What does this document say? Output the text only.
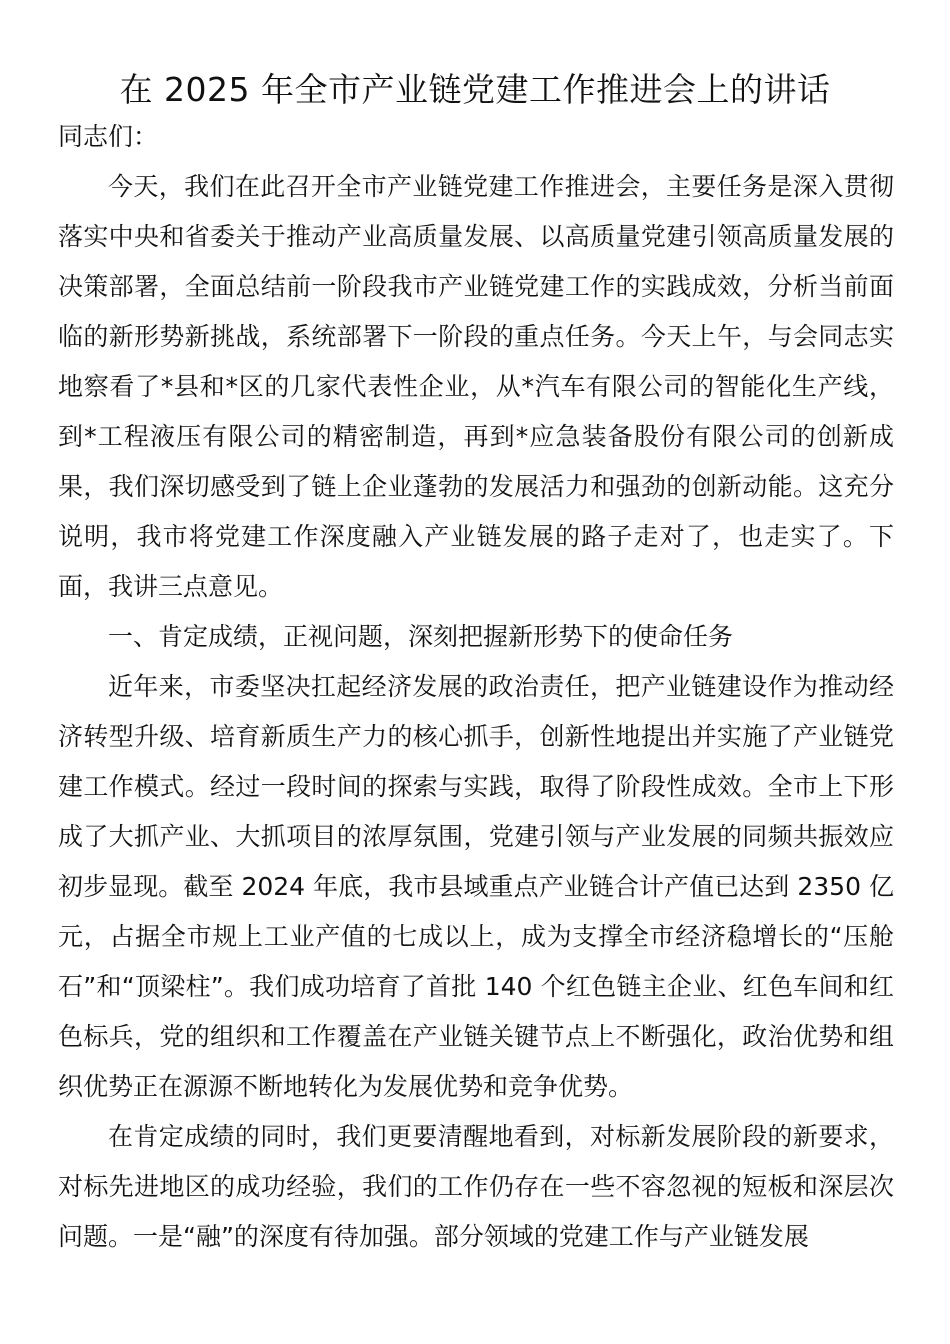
在 2025 年全市产业链党建工作推进会上的讲话

同志们：

今天，我们在此召开全市产业链党建工作推进会，主要任务是深入贯彻落实中央和省委关于推动产业高质量发展、以高质量党建引领高质量发展的决策部署，全面总结前一阶段我市产业链党建工作的实践成效，分析当前面临的新形势新挑战，系统部署下一阶段的重点任务。今天上午，与会同志实地察看了*县和*区的几家代表性企业，从*汽车有限公司的智能化生产线，到*工程液压有限公司的精密制造，再到*应急装备股份有限公司的创新成果，我们深切感受到了链上企业蓬勃的发展活力和强劲的创新动能。这充分说明，我市将党建工作深度融入产业链发展的路子走对了，也走实了。下面，我讲三点意见。

一、肯定成绩，正视问题，深刻把握新形势下的使命任务

近年来，市委坚决扛起经济发展的政治责任，把产业链建设作为推动经济转型升级、培育新质生产力的核心抓手，创新性地提出并实施了产业链党建工作模式。经过一段时间的探索与实践，取得了阶段性成效。全市上下形成了大抓产业、大抓项目的浓厚氛围，党建引领与产业发展的同频共振效应初步显现。截至 2024 年底，我市县域重点产业链合计产值已达到 2350 亿元，占据全市规上工业产值的七成以上，成为支撑全市经济稳增长的“压舱石”和“顶梁柱”。我们成功培育了首批 140 个红色链主企业、红色车间和红色标兵，党的组织和工作覆盖在产业链关键节点上不断强化，政治优势和组织优势正在源源不断地转化为发展优势和竞争优势。

在肯定成绩的同时，我们更要清醒地看到，对标新发展阶段的新要求，对标先进地区的成功经验，我们的工作仍存在一些不容忽视的短板和深层次问题。一是“融”的深度有待加强。部分领域的党建工作与产业链发展
